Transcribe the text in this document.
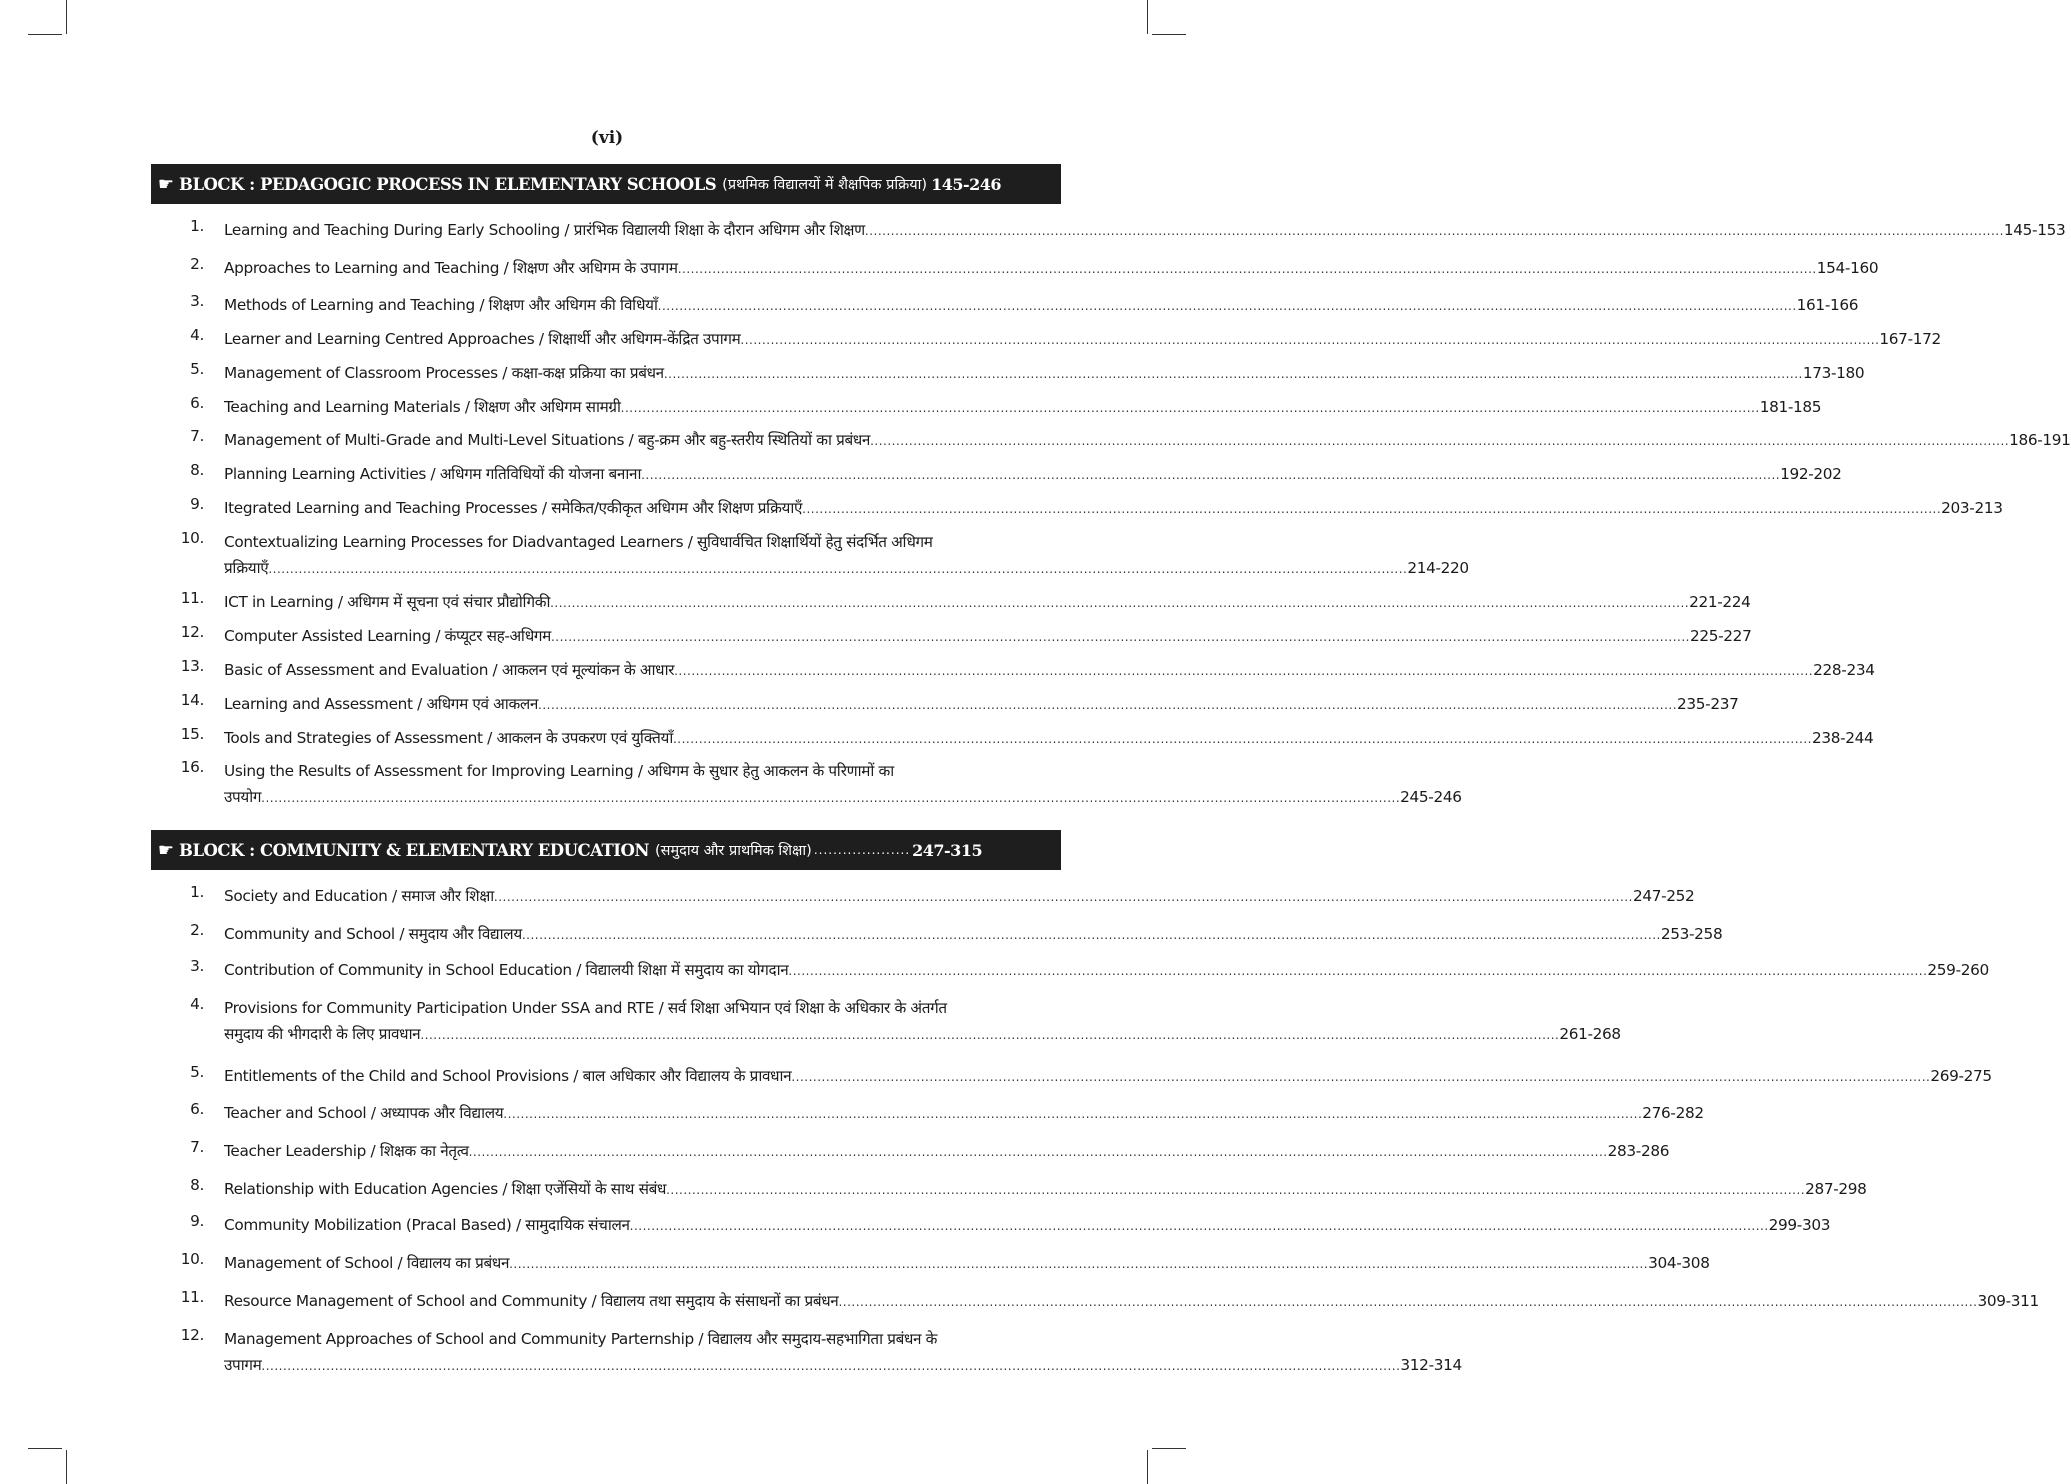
(vi)
☛ BLOCK : PEDAGOGIC PROCESS IN ELEMENTARY SCHOOLS (प्रथमिक विद्यालयों में शैक्षपिक प्रक्रिया) 145-246
1. Learning and Teaching During Early Schooling / प्रारंभिक विद्यालयी शिक्षा के दौरान अधिगम और शिक्षण .....	145-153
2. Approaches to Learning and Teaching / शिक्षण और अधिगम के उपागम .....	154-160
3. Methods of Learning and Teaching / शिक्षण और अधिगम की विधियाँ .....	161-166
4. Learner and Learning Centred Approaches / शिक्षार्थी और अधिगम-केंद्रित उपागम .....	167-172
5. Management of Classroom Processes / कक्षा-कक्ष प्रक्रिया का प्रबंधन .....	173-180
6. Teaching and Learning Materials / शिक्षण और अधिगम सामग्री .....	181-185
7. Management of Multi-Grade and Multi-Level Situations / बहु-क्रम और बहु-स्तरीय स्थितियों का प्रबंधन .....	186-191
8. Planning Learning Activities / अधिगम गतिविधियों की योजना बनाना .....	192-202
9. Itegrated Learning and Teaching Processes / समेकित/एकीकृत अधिगम और शिक्षण प्रक्रियाएँ .....	203-213
10. Contextualizing Learning Processes for Diadvantaged Learners / सुविधार्वचित शिक्षार्थियों हेतु संदर्भित अधिगम
प्रक्रियाएँ .....	214-220
11. ICT in Learning / अधिगम में सूचना एवं संचार प्रौद्योगिकी .....	221-224
12. Computer Assisted Learning / कंप्यूटर सह-अधिगम .....	225-227
13. Basic of Assessment and Evaluation / आकलन एवं मूल्यांकन के आधार .....	228-234
14. Learning and Assessment / अधिगम एवं आकलन .....	235-237
15. Tools and Strategies of Assessment / आकलन के उपकरण एवं युक्तियाँ .....	238-244
16. Using the Results of Assessment for Improving Learning / अधिगम के सुधार हेतु आकलन के परिणामों का
उपयोग .....	245-246
☛ BLOCK : COMMUNITY & ELEMENTARY EDUCATION (समुदाय और प्राथमिक शिक्षा) .................... 247-315
1. Society and Education / समाज और शिक्षा .....	247-252
2. Community and School / समुदाय और विद्यालय .....	253-258
3. Contribution of Community in School Education / विद्यालयी शिक्षा में समुदाय का योगदान .....	259-260
4. Provisions for Community Participation Under SSA and RTE / सर्व शिक्षा अभियान एवं शिक्षा के अधिकार के अंतर्गत
समुदाय की भीगदारी के लिए प्रावधान .....	261-268
5. Entitlements of the Child and School Provisions / बाल अधिकार और विद्यालय के प्रावधान .....	269-275
6. Teacher and School / अध्यापक और विद्यालय .....	276-282
7. Teacher Leadership / शिक्षक का नेतृत्व .....	283-286
8. Relationship with Education Agencies / शिक्षा एजेंसियों के साथ संबंध .....	287-298
9. Community Mobilization (Pracal Based) / सामुदायिक संचालन .....	299-303
10. Management of School / विद्यालय का प्रबंधन .....	304-308
11. Resource Management of School and Community / विद्यालय तथा समुदाय के संसाधनों का प्रबंधन .....	309-311
12. Management Approaches of School and Community Parternship / विद्यालय और समुदाय-सहभागिता प्रबंधन के
उपागम .....	312-314
